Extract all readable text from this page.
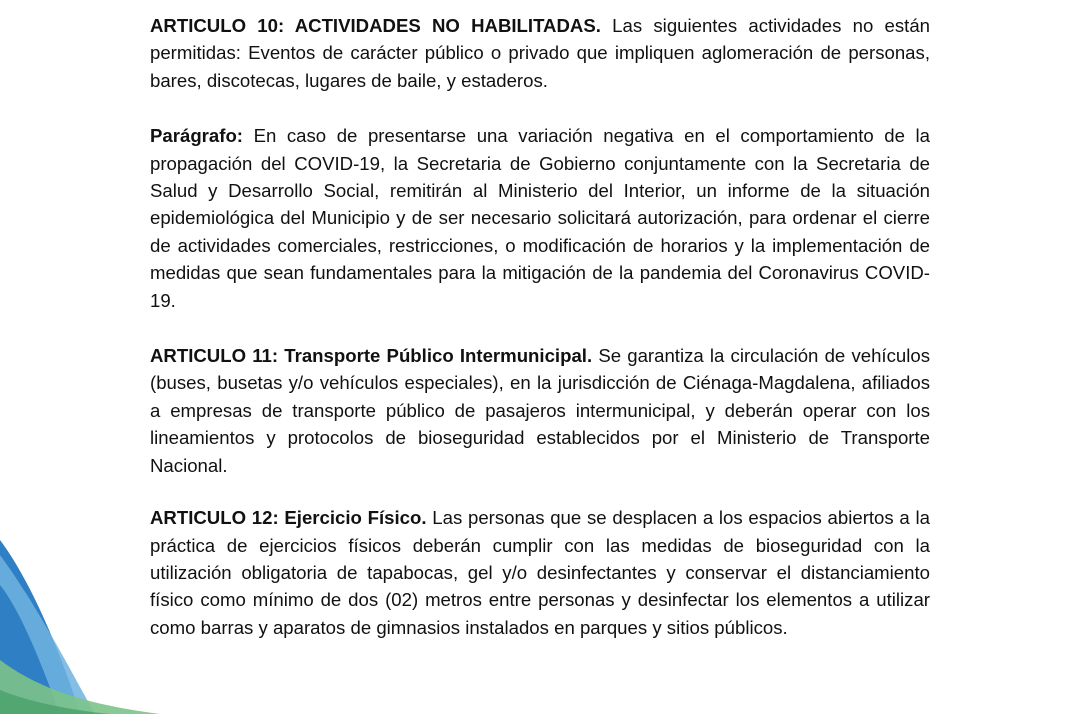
ARTICULO 10: ACTIVIDADES NO HABILITADAS. Las siguientes actividades no están permitidas: Eventos de carácter público o privado que impliquen aglomeración de personas, bares, discotecas, lugares de baile, y estaderos.

Parágrafo: En caso de presentarse una variación negativa en el comportamiento de la propagación del COVID-19, la Secretaria de Gobierno conjuntamente con la Secretaria de Salud y Desarrollo Social, remitirán al Ministerio del Interior, un informe de la situación epidemiológica del Municipio y de ser necesario solicitará autorización, para ordenar el cierre de actividades comerciales, restricciones, o modificación de horarios y la implementación de medidas que sean fundamentales para la mitigación de la pandemia del Coronavirus COVID-19.

ARTICULO 11: Transporte Público Intermunicipal. Se garantiza la circulación de vehículos (buses, busetas y/o vehículos especiales), en la jurisdicción de Ciénaga-Magdalena, afiliados a empresas de transporte público de pasajeros intermunicipal, y deberán operar con los lineamientos y protocolos de bioseguridad establecidos por el Ministerio de Transporte Nacional.

ARTICULO 12: Ejercicio Físico. Las personas que se desplacen a los espacios abiertos a la práctica de ejercicios físicos deberán cumplir con las medidas de bioseguridad con la utilización obligatoria de tapabocas, gel y/o desinfectantes y conservar el distanciamiento físico como mínimo de dos (02) metros entre personas y desinfectar los elementos a utilizar como barras y aparatos de gimnasios instalados en parques y sitios públicos.
